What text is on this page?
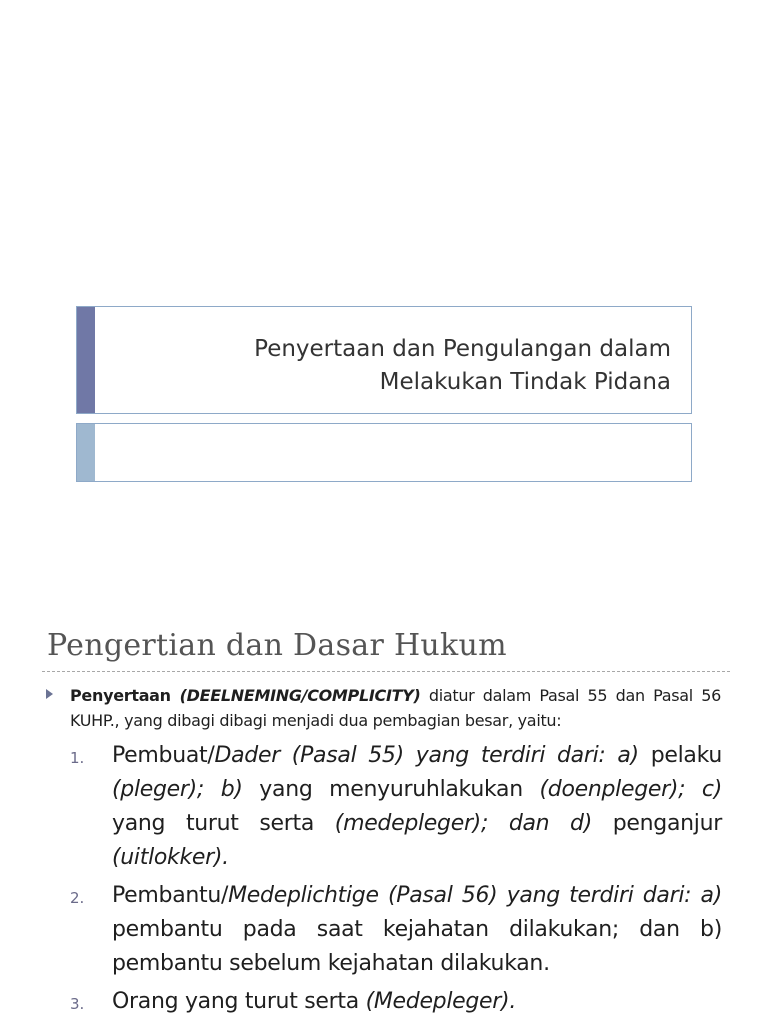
Penyertaan dan Pengulangan dalam
Melakukan Tindak Pidana
Pengertian dan Dasar Hukum

Penyertaan (DEELNEMING/COMPLICITY) diatur dalam Pasal 55 dan Pasal 56 KUHP., yang dibagi dibagi menjadi dua pembagian besar, yaitu:

1. Pembuat/Dader (Pasal 55) yang terdiri dari: a) pelaku (pleger); b) yang menyuruhlakukan (doenpleger); c) yang turut serta (medepleger); dan d) penganjur (uitlokker).

2. Pembantu/Medeplichtige (Pasal 56) yang terdiri dari: a) pembantu pada saat kejahatan dilakukan; dan b) pembantu sebelum kejahatan dilakukan.

3. Orang yang turut serta (Medepleger).
